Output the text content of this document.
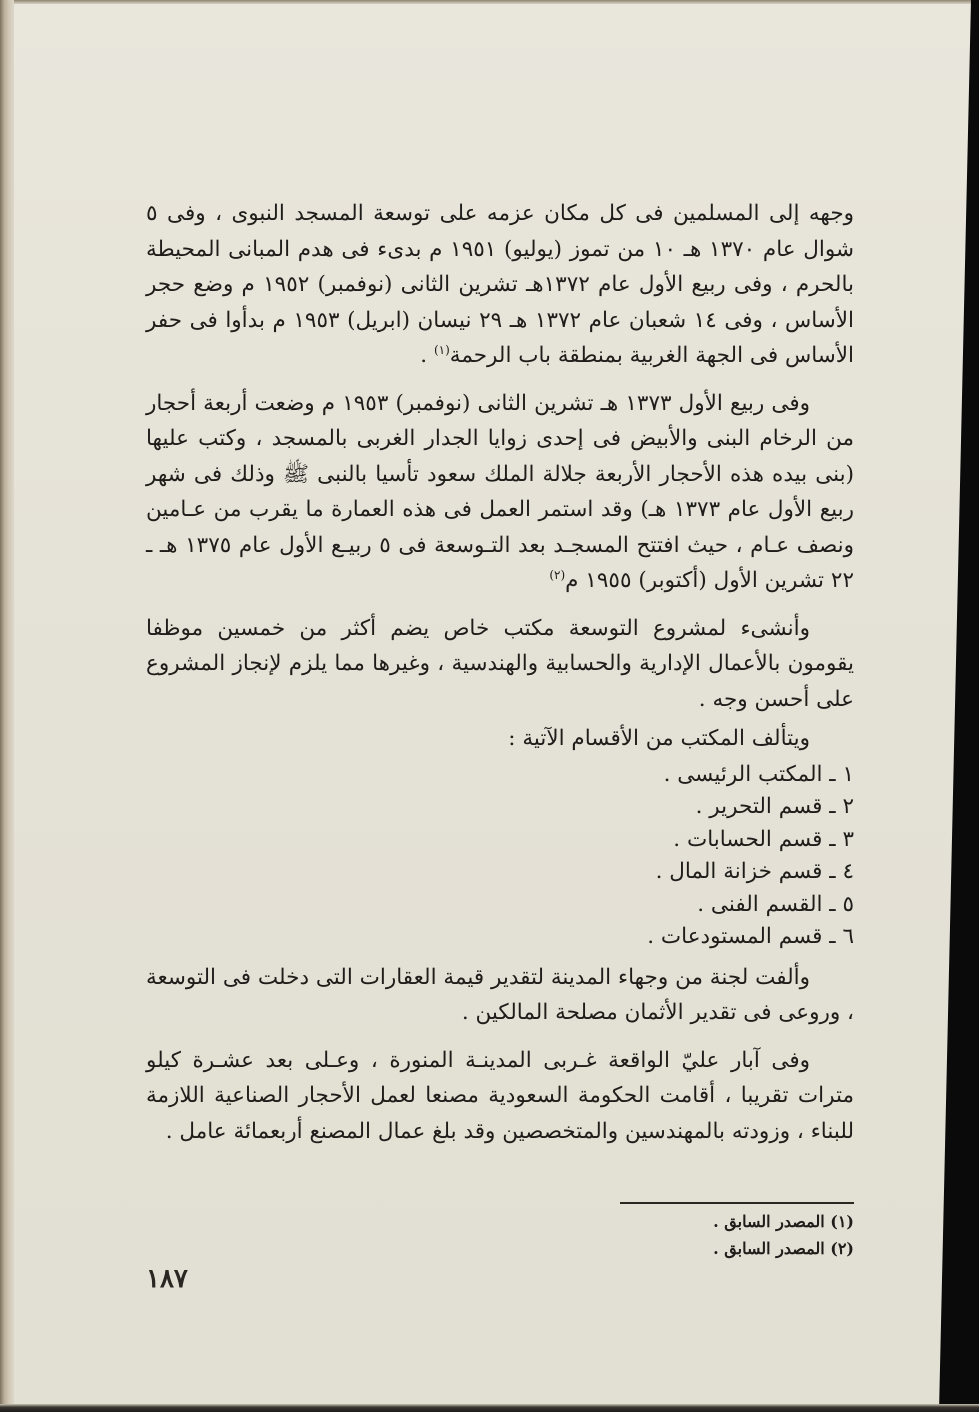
وجهه إلى المسلمين فى كل مكان عزمه على توسعة المسجد النبوى ، وفى ٥ شوال عام ١٣٧٠ هـ ١٠ من تموز (يوليو) ١٩٥١ م بدىء فى هدم المبانى المحيطة بالحرم ، وفى ربيع الأول عام ١٣٧٢هـ تشرين الثانى (نوفمبر) ١٩٥٢ م وضع حجر الأساس ، وفى ١٤ شعبان عام ١٣٧٢ هـ ٢٩ نيسان (ابريل) ١٩٥٣ م بدأوا فى حفر الأساس فى الجهة الغربية بمنطقة باب الرحمة$^{(١)}$ .

وفى ربيع الأول ١٣٧٣ هـ تشرين الثانى (نوفمبر) ١٩٥٣ م وضعت أربعة أحجار من الرخام البنى والأبيض فى إحدى زوايا الجدار الغربى بالمسجد ، وكتب عليها (بنى بيده هذه الأحجار الأربعة جلالة الملك سعود تأسيا بالنبى ﷺ وذلك فى شهر ربيع الأول عام ١٣٧٣ هـ) وقد استمر العمل فى هذه العمارة ما يقرب من عـامين ونصف عـام ، حيث افتتح المسجـد بعد التـوسعة فى ٥ ربيـع الأول عام ١٣٧٥ هـ ـ ٢٢ تشرين الأول (أكتوبر) ١٩٥٥ م$^{(٢)}$

وأنشىء لمشروع التوسعة مكتب خاص يضم أكثر من خمسين موظفا يقومون بالأعمال الإدارية والحسابية والهندسية ، وغيرها مما يلزم لإنجاز المشروع على أحسن وجه .

ويتألف المكتب من الأقسام الآتية :

١ ـ المكتب الرئيسى .
٢ ـ قسم التحرير .
٣ ـ قسم الحسابات .
٤ ـ قسم خزانة المال .
٥ ـ القسم الفنى .
٦ ـ قسم المستودعات .

وألفت لجنة من وجهاء المدينة لتقدير قيمة العقارات التى دخلت فى التوسعة ، وروعى فى تقدير الأثمان مصلحة المالكين .

وفى آبار عليّ الواقعة غـربى المدينـة المنورة ، وعـلى بعد عشـرة كيلو مترات تقريبا ، أقامت الحكومة السعودية مصنعا لعمل الأحجار الصناعية اللازمة للبناء ، وزودته بالمهندسين والمتخصصين وقد بلغ عمال المصنع أربعمائة عامل .

(١) المصدر السابق .

(٢) المصدر السابق .

١٨٧
